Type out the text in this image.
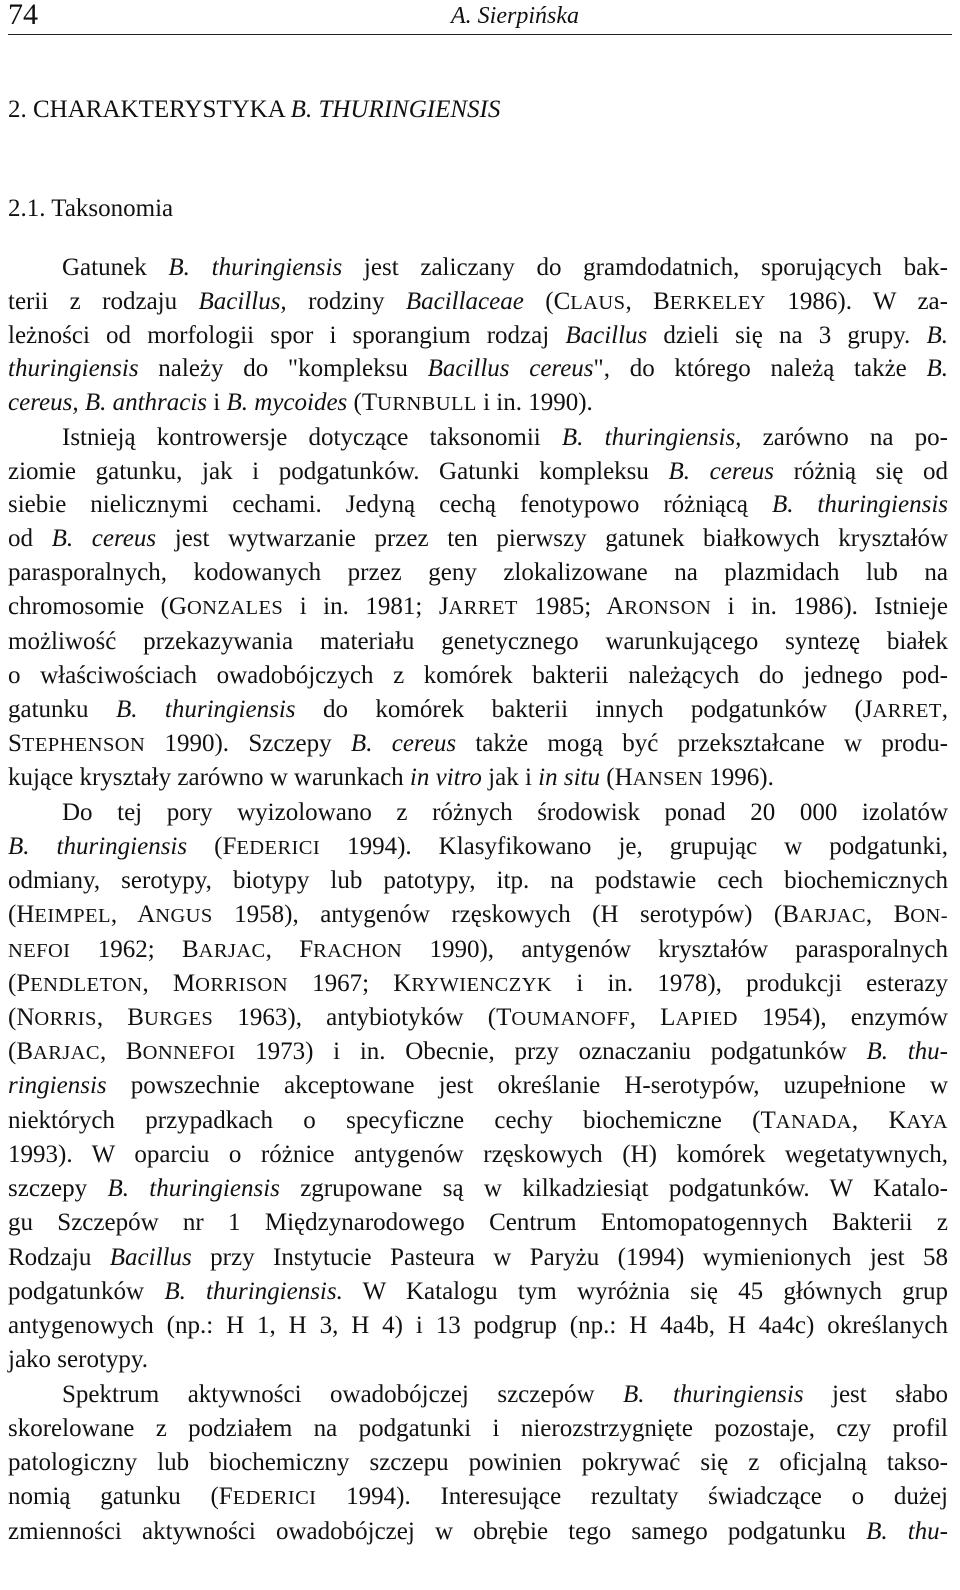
74	A. Sierpińska
2. CHARAKTERYSTYKA B. THURINGIENSIS
2.1. Taksonomia
Gatunek B. thuringiensis jest zaliczany do gramdodatnich, sporujących bak-
terii z rodzaju Bacillus, rodziny Bacillaceae (CLAUS, BERKELEY 1986). W za-
leżności od morfologii spor i sporangium rodzaj Bacillus dzieli się na 3 grupy. B.
thuringiensis należy do "kompleksu Bacillus cereus", do którego należą także B.
cereus, B. anthracis i B. mycoides (TURNBULL i in. 1990).
Istnieją kontrowersje dotyczące taksonomii B. thuringiensis, zarówno na po-
ziomie gatunku, jak i podgatunków. Gatunki kompleksu B. cereus różnią się od
siebie nielicznymi cechami. Jedyną cechą fenotypowo różniącą B. thuringiensis
od B. cereus jest wytwarzanie przez ten pierwszy gatunek białkowych kryształów
parasporalnych, kodowanych przez geny zlokalizowane na plazmidach lub na
chromosomie (GONZALES i in. 1981; JARRET 1985; ARONSON i in. 1986). Istnieje
możliwość przekazywania materiału genetycznego warunkującego syntezę białek
o właściwościach owadobójczych z komórek bakterii należących do jednego pod-
gatunku B. thuringiensis do komórek bakterii innych podgatunków (JARRET,
STEPHENSON 1990). Szczepy B. cereus także mogą być przekształcane w produ-
kujące kryształy zarówno w warunkach in vitro jak i in situ (HANSEN 1996).
Do tej pory wyizolowano z różnych środowisk ponad 20 000 izolatów
B. thuringiensis (FEDERICI 1994). Klasyfikowano je, grupując w podgatunki,
odmiany, serotypy, biotypy lub patotypy, itp. na podstawie cech biochemicznych
(HEIMPEL, ANGUS 1958), antygenów rzęskowych (H serotypów) (BARJAC, BON-
NEFOI 1962; BARJAC, FRACHON 1990), antygenów kryształów parasporalnych
(PENDLETON, MORRISON 1967; KRYWIENCZYK i in. 1978), produkcji esterazy
(NORRIS, BURGES 1963), antybiotyków (TOUMANOFF, LAPIED 1954), enzymów
(BARJAC, BONNEFOI 1973) i in. Obecnie, przy oznaczaniu podgatunków B. thu-
ringiensis powszechnie akceptowane jest określanie H-serotypów, uzupełnione w
niektórych przypadkach o specyficzne cechy biochemiczne (TANADA, KAYA
1993). W oparciu o różnice antygenów rzęskowych (H) komórek wegetatywnych,
szczepy B. thuringiensis zgrupowane są w kilkadziesiąt podgatunków. W Katalo-
gu Szczepów nr 1 Międzynarodowego Centrum Entomopatogennych Bakterii z
Rodzaju Bacillus przy Instytucie Pasteura w Paryżu (1994) wymienionych jest 58
podgatunków B. thuringiensis. W Katalogu tym wyróżnia się 45 głównych grup
antygenowych (np.: H 1, H 3, H 4) i 13 podgrup (np.: H 4a4b, H 4a4c) określanych
jako serotypy.
Spektrum aktywności owadobójczej szczepów B. thuringiensis jest słabo
skorelowane z podziałem na podgatunki i nierozstrzygnięte pozostaje, czy profil
patologiczny lub biochemiczny szczepu powinien pokrywać się z oficjalną takso-
nomią gatunku (FEDERICI 1994). Interesujące rezultaty świadczące o dużej
zmienności aktywności owadobójczej w obrębie tego samego podgatunku B. thu-
